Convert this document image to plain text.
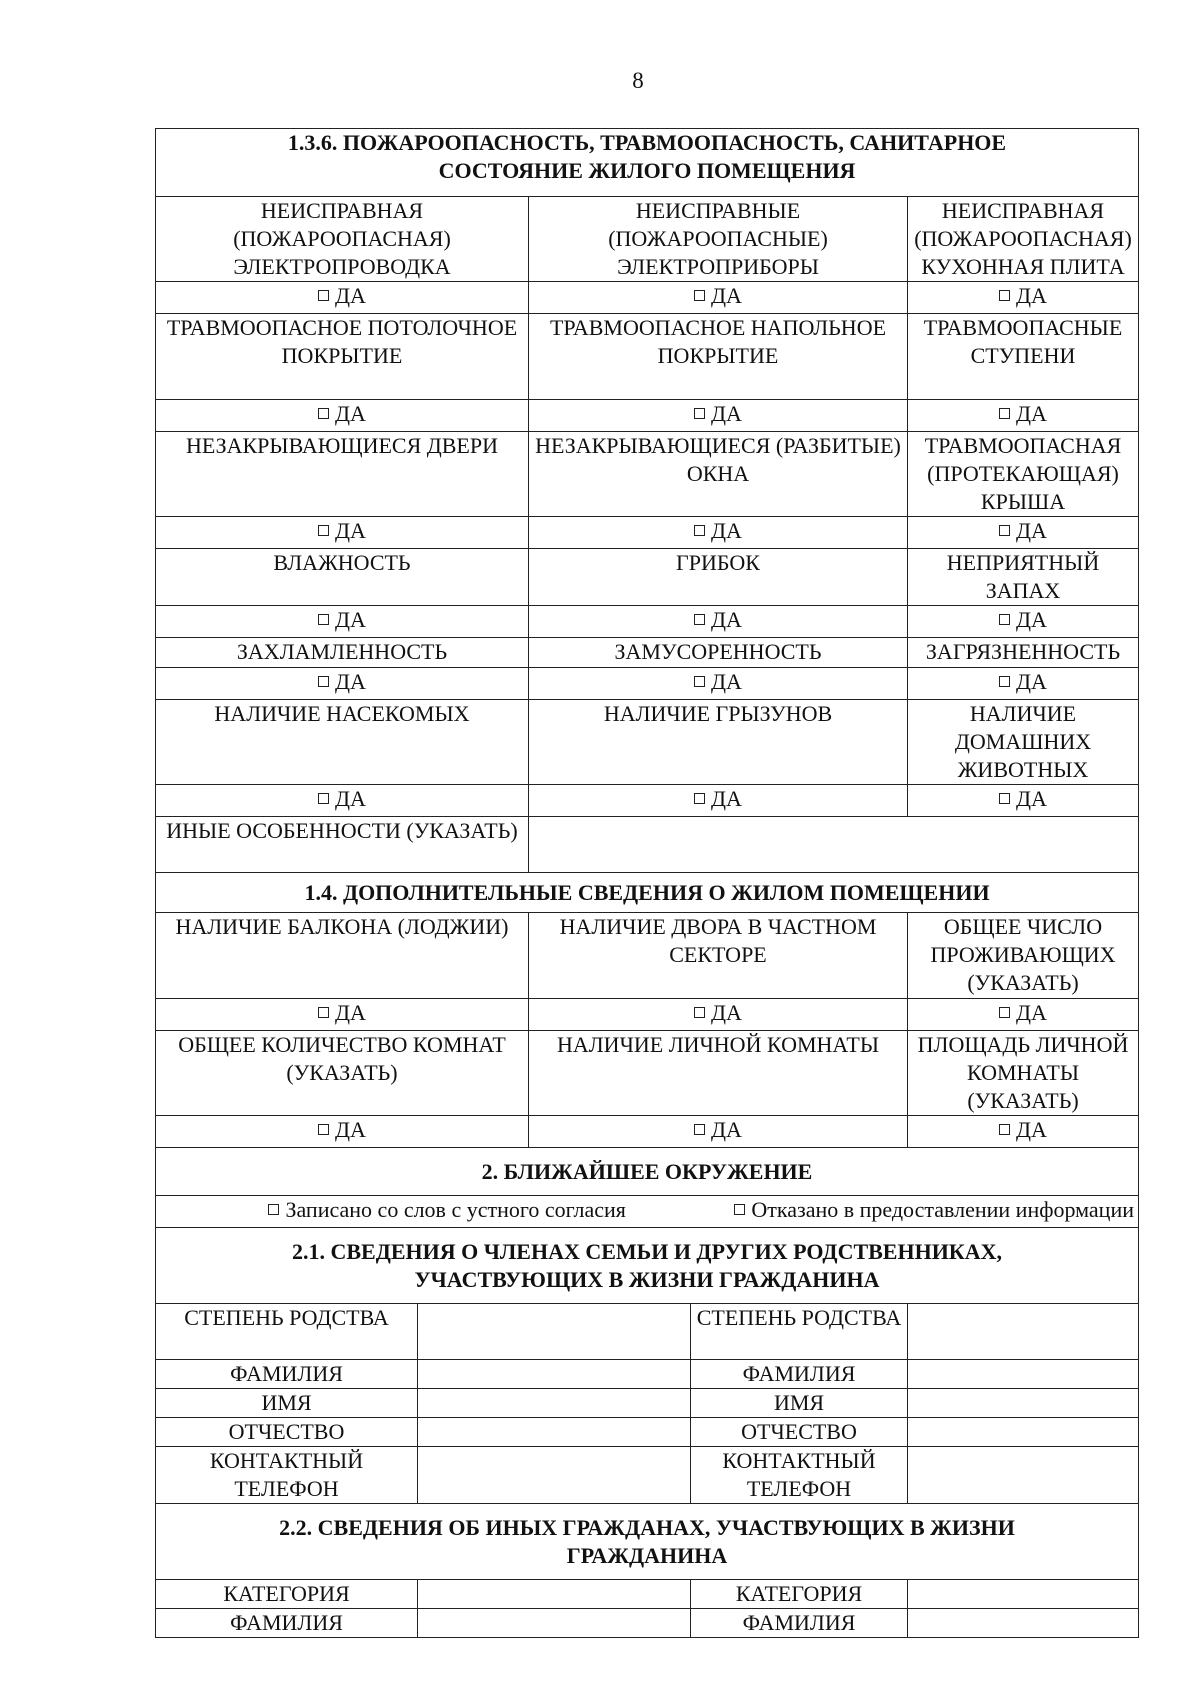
8
1.3.6. ПОЖАРООПАСНОСТЬ, ТРАВМООПАСНОСТЬ, САНИТАРНОЕ
СОСТОЯНИЕ ЖИЛОГО ПОМЕЩЕНИЯ				

НЕИСПРАВНАЯ (ПОЖАРООПАСНАЯ) ЭЛЕКТРОПРОВОДКА		НЕИСПРАВНЫЕ (ПОЖАРООПАСНЫЕ) ЭЛЕКТРОПРИБОРЫ		НЕИСПРАВНАЯ (ПОЖАРООПАСНАЯ) КУХОННАЯ ПЛИТА
ДА		ДА		ДА
ТРАВМООПАСНОЕ ПОТОЛОЧНОЕ ПОКРЫТИЕ		ТРАВМООПАСНОЕ НАПОЛЬНОЕ ПОКРЫТИЕ		ТРАВМООПАСНЫЕ СТУПЕНИ
ДА		ДА		ДА
НЕЗАКРЫВАЮЩИЕСЯ ДВЕРИ		НЕЗАКРЫВАЮЩИЕСЯ (РАЗБИТЫЕ) ОКНА		ТРАВМООПАСНАЯ (ПРОТЕКАЮЩАЯ) КРЫША
ДА		ДА		ДА
ВЛАЖНОСТЬ		ГРИБОК		НЕПРИЯТНЫЙ ЗАПАХ
ДА		ДА		ДА
ЗАХЛАМЛЕННОСТЬ		ЗАМУСОРЕННОСТЬ		ЗАГРЯЗНЕННОСТЬ
ДА		ДА		ДА
НАЛИЧИЕ НАСЕКОМЫХ		НАЛИЧИЕ ГРЫЗУНОВ		НАЛИЧИЕ ДОМАШНИХ ЖИВОТНЫХ
ДА		ДА		ДА
ИНЫЕ ОСОБЕННОСТИ (УКАЗАТЬ)				
1.4. ДОПОЛНИТЕЛЬНЫЕ СВЕДЕНИЯ О ЖИЛОМ ПОМЕЩЕНИИ				
НАЛИЧИЕ БАЛКОНА (ЛОДЖИИ)		НАЛИЧИЕ ДВОРА В ЧАСТНОМ СЕКТОРЕ		ОБЩЕЕ ЧИСЛО ПРОЖИВАЮЩИХ (УКАЗАТЬ)
ДА		ДА		ДА
ОБЩЕЕ КОЛИЧЕСТВО КОМНАТ (УКАЗАТЬ)		НАЛИЧИЕ ЛИЧНОЙ КОМНАТЫ		ПЛОЩАДЬ ЛИЧНОЙ КОМНАТЫ (УКАЗАТЬ)
ДА		ДА		ДА
2. БЛИЖАЙШЕЕ ОКРУЖЕНИЕ				
Записано со слов с устного согласия Отказано в предоставлении информации				

2.1. СВЕДЕНИЯ О ЧЛЕНАХ СЕМЬИ И ДРУГИХ РОДСТВЕННИКАХ,
УЧАСТВУЮЩИХ В ЖИЗНИ ГРАЖДАНИНА				

СТЕПЕНЬ РОДСТВА			СТЕПЕНЬ РОДСТВА	
ФАМИЛИЯ			ФАМИЛИЯ	
ИМЯ			ИМЯ	
ОТЧЕСТВО			ОТЧЕСТВО	
КОНТАКТНЫЙ ТЕЛЕФОН			КОНТАКТНЫЙ ТЕЛЕФОН	

2.2. СВЕДЕНИЯ ОБ ИНЫХ ГРАЖДАНАХ, УЧАСТВУЮЩИХ В ЖИЗНИ
ГРАЖДАНИНА				

КАТЕГОРИЯ			КАТЕГОРИЯ	
ФАМИЛИЯ			ФАМИЛИЯ	
